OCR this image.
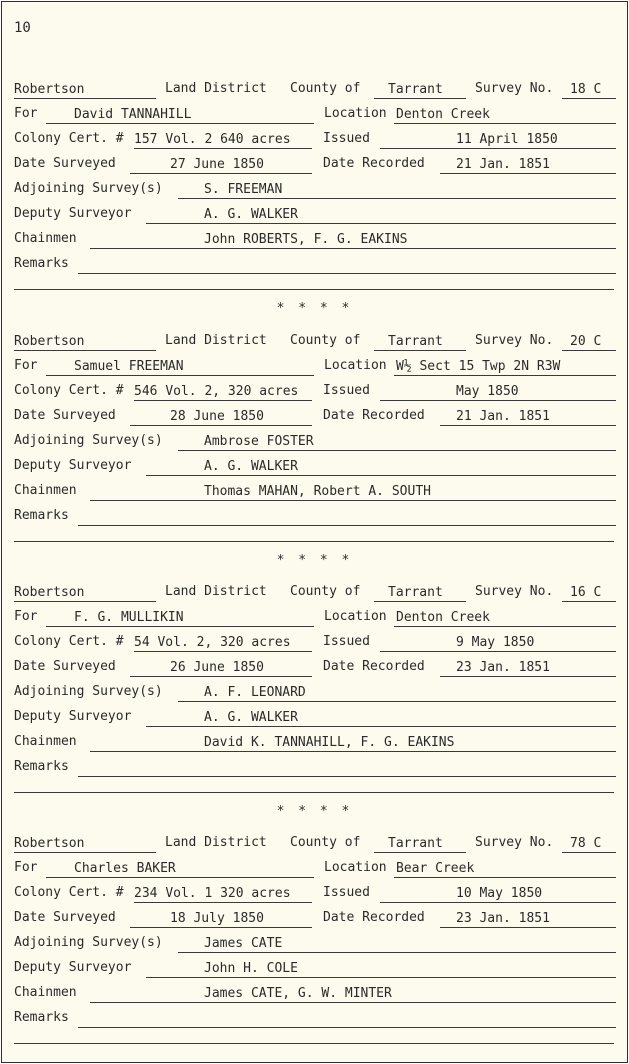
10
Robertson	Land District County of Tarrant	Survey No. 18 C
For	David TANNAHILL	Location Denton Creek
Colony Cert. # 157 Vol. 2 640 acres	Issued	11 April 1850
Date Surveyed	27 June 1850	Date Recorded 21 Jan. 1851
Adjoining Survey(s)	S. FREEMAN
Deputy Surveyor	A. G. WALKER
Chainmen	John ROBERTS, F. G. EAKINS
Remarks
* * * *
Robertson	Land District County of Tarrant	Survey No. 20 C
For	Samuel FREEMAN	Location W½ Sect 15 Twp 2N R3W
Colony Cert. # 546 Vol. 2, 320 acres	Issued	May 1850
Date Surveyed	28 June 1850	Date Recorded 21 Jan. 1851
Adjoining Survey(s)	Ambrose FOSTER
Deputy Surveyor	A. G. WALKER
Chainmen	Thomas MAHAN, Robert A. SOUTH
Remarks
* * * *
Robertson	Land District County of Tarrant	Survey No. 16 C
For	F. G. MULLIKIN	Location Denton Creek
Colony Cert. # 54 Vol. 2, 320 acres	Issued	9 May 1850
Date Surveyed	26 June 1850	Date Recorded 23 Jan. 1851
Adjoining Survey(s)	A. F. LEONARD
Deputy Surveyor	A. G. WALKER
Chainmen	David K. TANNAHILL, F. G. EAKINS
Remarks
* * * *
Robertson	Land District County of Tarrant	Survey No. 78 C
For	Charles BAKER	Location Bear Creek
Colony Cert. # 234 Vol. 1 320 acres	Issued	10 May 1850
Date Surveyed	18 July 1850	Date Recorded 23 Jan. 1851
Adjoining Survey(s)	James CATE
Deputy Surveyor	John H. COLE
Chainmen	James CATE, G. W. MINTER
Remarks
